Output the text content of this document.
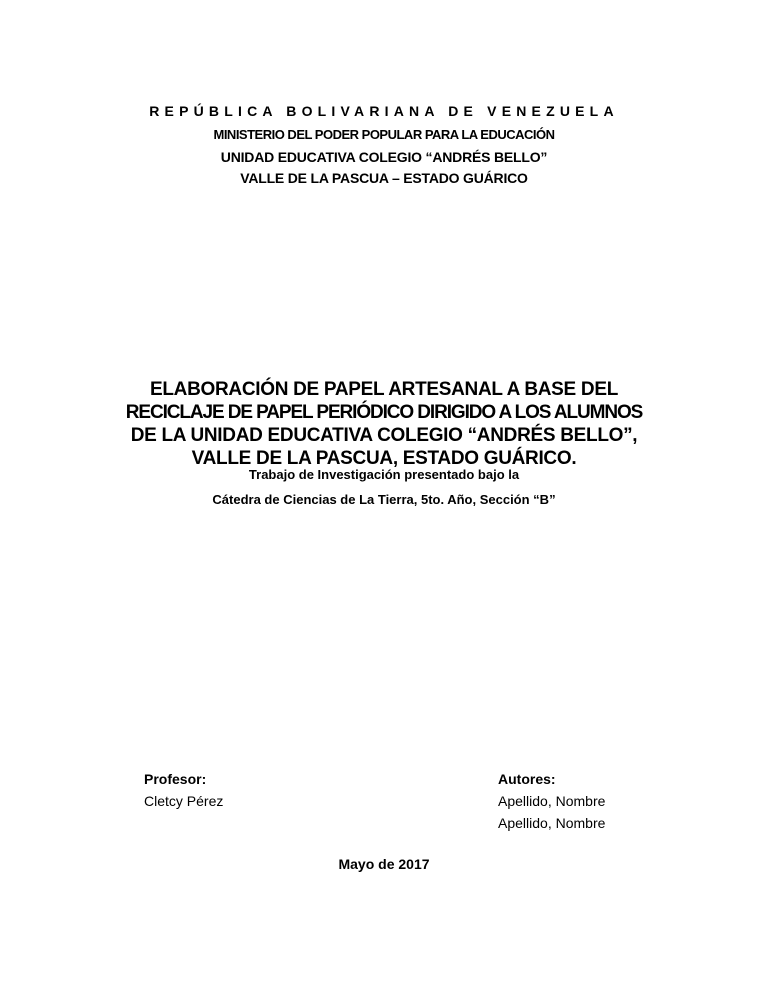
REPÚBLICA BOLIVARIANA DE VENEZUELA
MINISTERIO DEL PODER POPULAR PARA LA EDUCACIÓN
UNIDAD EDUCATIVA COLEGIO “ANDRÉS BELLO”
VALLE DE LA PASCUA – ESTADO GUÁRICO
ELABORACIÓN DE PAPEL ARTESANAL A BASE DEL
RECICLAJE DE PAPEL PERIÓDICO DIRIGIDO A LOS ALUMNOS
DE LA UNIDAD EDUCATIVA COLEGIO “ANDRÉS BELLO”,
VALLE DE LA PASCUA, ESTADO GUÁRICO.
Trabajo de Investigación presentado bajo la
Cátedra de Ciencias de La Tierra, 5to. Año, Sección “B”
Profesor:
Cletcy Pérez
Autores:
Apellido, Nombre
Apellido, Nombre
Mayo de 2017
